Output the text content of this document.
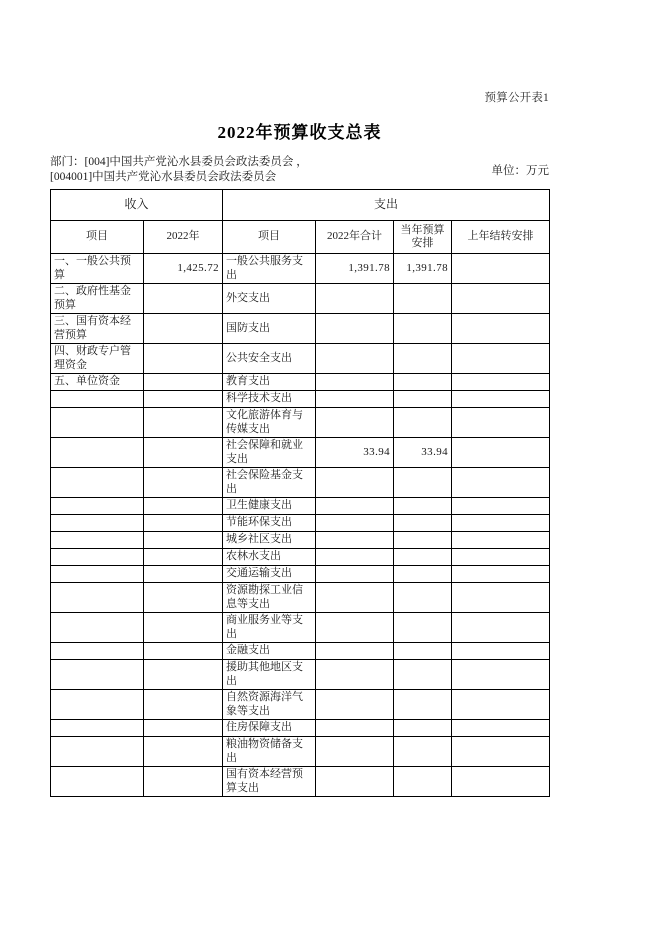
预算公开表1
2022年预算收支总表
部门：[004]中国共产党沁水县委员会政法委员会 ，
[004001]中国共产党沁水县委员会政法委员会	单位：万元
收入		支出			
项目	2022年	项目	2022年合计	当年预算安排	上年结转安排
一、一般公共预算	1,425.72	一般公共服务支出	1,391.78	1,391.78	
二、政府性基金预算		外交支出			
三、国有资本经营预算		国防支出			
四、财政专户管理资金		公共安全支出			
五、单位资金		教育支出			
		科学技术支出			
		文化旅游体育与传媒支出			
		社会保障和就业支出	33.94	33.94	
		社会保险基金支出			
		卫生健康支出			
		节能环保支出			
		城乡社区支出			
		农林水支出			
		交通运输支出			
		资源勘探工业信息等支出			
		商业服务业等支出			
		金融支出			
		援助其他地区支出			
		自然资源海洋气象等支出			
		住房保障支出			
		粮油物资储备支出			
		国有资本经营预算支出			
